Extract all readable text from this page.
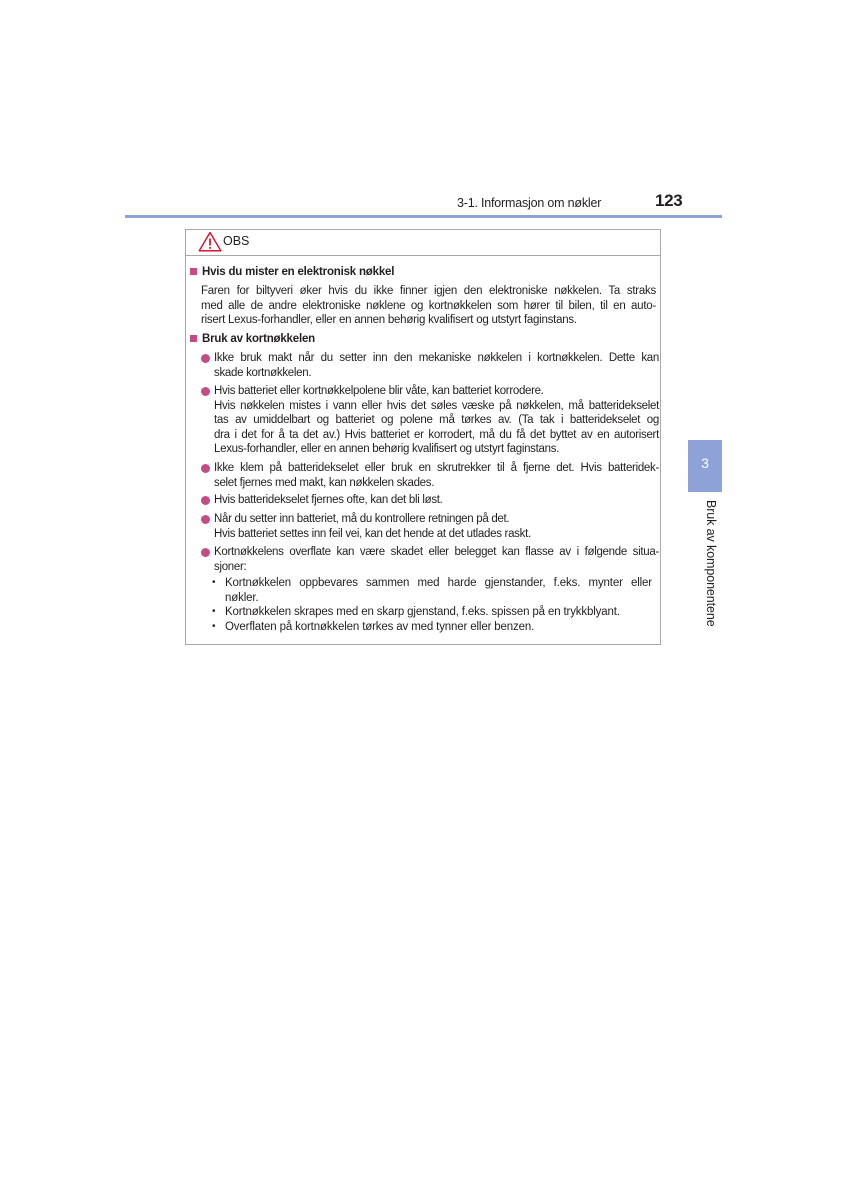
3-1. Informasjon om nøkler	123
3
Bruk av komponentene
OBS
Hvis du mister en elektronisk nøkkel
Faren for biltyveri øker hvis du ikke finner igjen den elektroniske nøkkelen. Ta straks
med alle de andre elektroniske nøklene og kortnøkkelen som hører til bilen, til en auto-
risert Lexus-forhandler, eller en annen behørig kvalifisert og utstyrt faginstans.
Bruk av kortnøkkelen
Ikke bruk makt når du setter inn den mekaniske nøkkelen i kortnøkkelen. Dette kan
skade kortnøkkelen.
Hvis batteriet eller kortnøkkelpolene blir våte, kan batteriet korrodere.
Hvis nøkkelen mistes i vann eller hvis det søles væske på nøkkelen, må batteridekselet
tas av umiddelbart og batteriet og polene må tørkes av. (Ta tak i batteridekselet og
dra i det for å ta det av.) Hvis batteriet er korrodert, må du få det byttet av en autorisert
Lexus-forhandler, eller en annen behørig kvalifisert og utstyrt faginstans.
Ikke klem på batteridekselet eller bruk en skrutrekker til å fjerne det. Hvis batteridek-
selet fjernes med makt, kan nøkkelen skades.
Hvis batteridekselet fjernes ofte, kan det bli løst.
Når du setter inn batteriet, må du kontrollere retningen på det.
Hvis batteriet settes inn feil vei, kan det hende at det utlades raskt.
Kortnøkkelens overflate kan være skadet eller belegget kan flasse av i følgende situa-
sjoner:
• Kortnøkkelen oppbevares sammen med harde gjenstander, f.eks. mynter eller
nøkler.
• Kortnøkkelen skrapes med en skarp gjenstand, f.eks. spissen på en trykkblyant.
• Overflaten på kortnøkkelen tørkes av med tynner eller benzen.
